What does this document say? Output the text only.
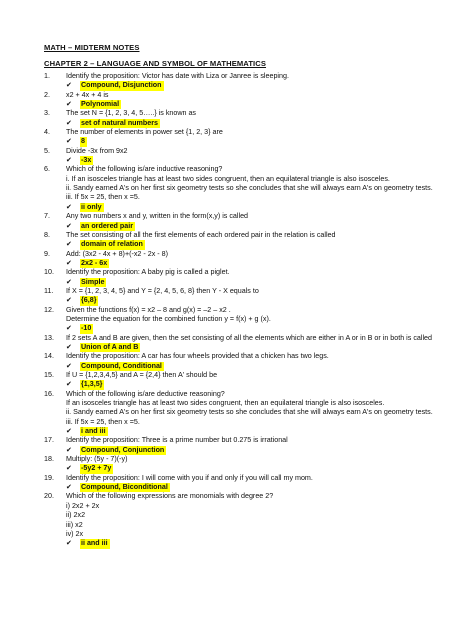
MATH – MIDTERM NOTES
CHAPTER 2 – LANGUAGE AND SYMBOL OF MATHEMATICS
1.	Identify the proposition: Victor has date with Liza or Janree is sleeping.
✔	Compound, Disjunction
2.	x2 + 4x + 4 is
✔	Polynomial
3.	The set N = {1, 2, 3, 4, 5…..} is known as
✔	set of natural numbers
4.	The number of elements in power set {1, 2, 3} are
✔	8
5.	Divide -3x from 9x2
✔	-3x
6.	Which of the following is/are inductive reasoning?
i. If an isosceles triangle has at least two sides congruent, then an equilateral triangle is also isosceles.
ii. Sandy earned A's on her first six geometry tests so she concludes that she will always earn A's on geometry tests.
iii. If 5x = 25, then x =5.
✔	ii only
7.	Any two numbers x and y, written in the form(x,y) is called
✔	an ordered pair
8.	The set consisting of all the first elements of each ordered pair in the relation is called
✔	domain of relation
9.	Add: (3x2 - 4x + 8)+(-x2 - 2x - 8)
✔	2x2 - 6x
10.	Identify the proposition: A baby pig is called a piglet.
✔	Simple
11.	If X = {1, 2, 3, 4, 5} and Y = {2, 4, 5, 6, 8} then Y - X equals to
✔	{6,8}
12.	Given the functions f(x) = x2 – 8 and g(x) = –2 – x2 .
Determine the equation for the combined function y = f(x) + g (x).
✔	-10
13.	If 2 sets A and B are given, then the set consisting of all the elements which are either in A or in B or in both is called
✔	Union of A and B
14.	Identify the proposition: A car has four wheels provided that a chicken has two legs.
✔	Compound, Conditional
15.	If U = {1,2,3,4,5} and A = {2,4} then A' should be
✔	{1,3,5}
16.	Which of the following is/are deductive reasoning?
If an isosceles triangle has at least two sides congruent, then an equilateral triangle is also isosceles.
ii. Sandy earned A's on her first six geometry tests so she concludes that she will always earn A's on geometry tests.
iii. If 5x = 25, then x =5.
✔	i and iii
17.	Identify the proposition: Three is a prime number but 0.275 is irrational
✔	Compound, Conjunction
18.	Multiply: (5y - 7)(-y)
✔	-5y2 + 7y
19.	Identify the proposition: I will come with you if and only if you will call my mom.
✔	Compound, Biconditional
20.	Which of the following expressions are monomials with degree 2?
i) 2x2 + 2x
ii) 2x2
iii) x2
iv) 2x
✔	ii and iii
